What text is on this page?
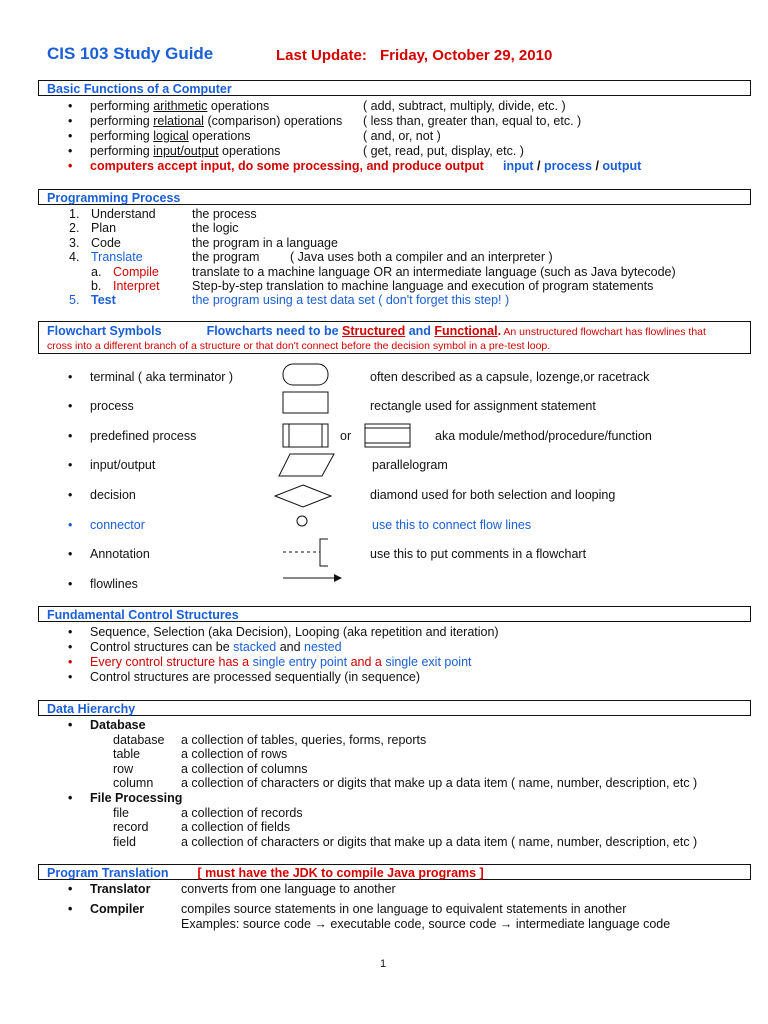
CIS 103 Study Guide	Last Update: Friday, October 29, 2010
Basic Functions of a Computer
• performing arithmetic operations	( add, subtract, multiply, divide, etc. )
• performing relational (comparison) operations ( less than, greater than, equal to, etc. )
• performing logical operations	( and, or, not )
• performing input/output operations	( get, read, put, display, etc. )
• computers accept input, do some processing, and produce output input / process / output
Programming Process
1. Understand	the process
2. Plan	the logic
3. Code	the program in a language
4. Translate	the program ( Java uses both a compiler and an interpreter )
a. Compile	translate to a machine language OR an intermediate language (such as Java bytecode)
b. Interpret	Step-by-step translation to machine language and execution of program statements
5. Test	the program using a test data set ( don't forget this step! )
Flowchart Symbols	Flowcharts need to be Structured and Functional. An unstructured flowchart has flowlines that
cross into a different branch of a structure or that don't connect before the decision symbol in a pre-test loop.
• terminal ( aka terminator )	often described as a capsule, lozenge,or racetrack
• process	rectangle used for assignment statement
• predefined process	or	aka module/method/procedure/function
• input/output	parallelogram
• decision	diamond used for both selection and looping
• connector	use this to connect flow lines
• Annotation	use this to put comments in a flowchart
• flowlines
Fundamental Control Structures
• Sequence, Selection (aka Decision), Looping (aka repetition and iteration)
• Control structures can be stacked and nested
• Every control structure has a single entry point and a single exit point
• Control structures are processed sequentially (in sequence)
Data Hierarchy
• Database
database a collection of tables, queries, forms, reports
table	a collection of rows
row	a collection of columns
column a collection of characters or digits that make up a data item ( name, number, description, etc )
• File Processing
file	a collection of records
record	a collection of fields
field	a collection of characters or digits that make up a data item ( name, number, description, etc )
Program Translation [ must have the JDK to compile Java programs ]
• Translator converts from one language to another
• Compiler	compiles source statements in one language to equivalent statements in another
Examples: source code → executable code, source code → intermediate language code
1
